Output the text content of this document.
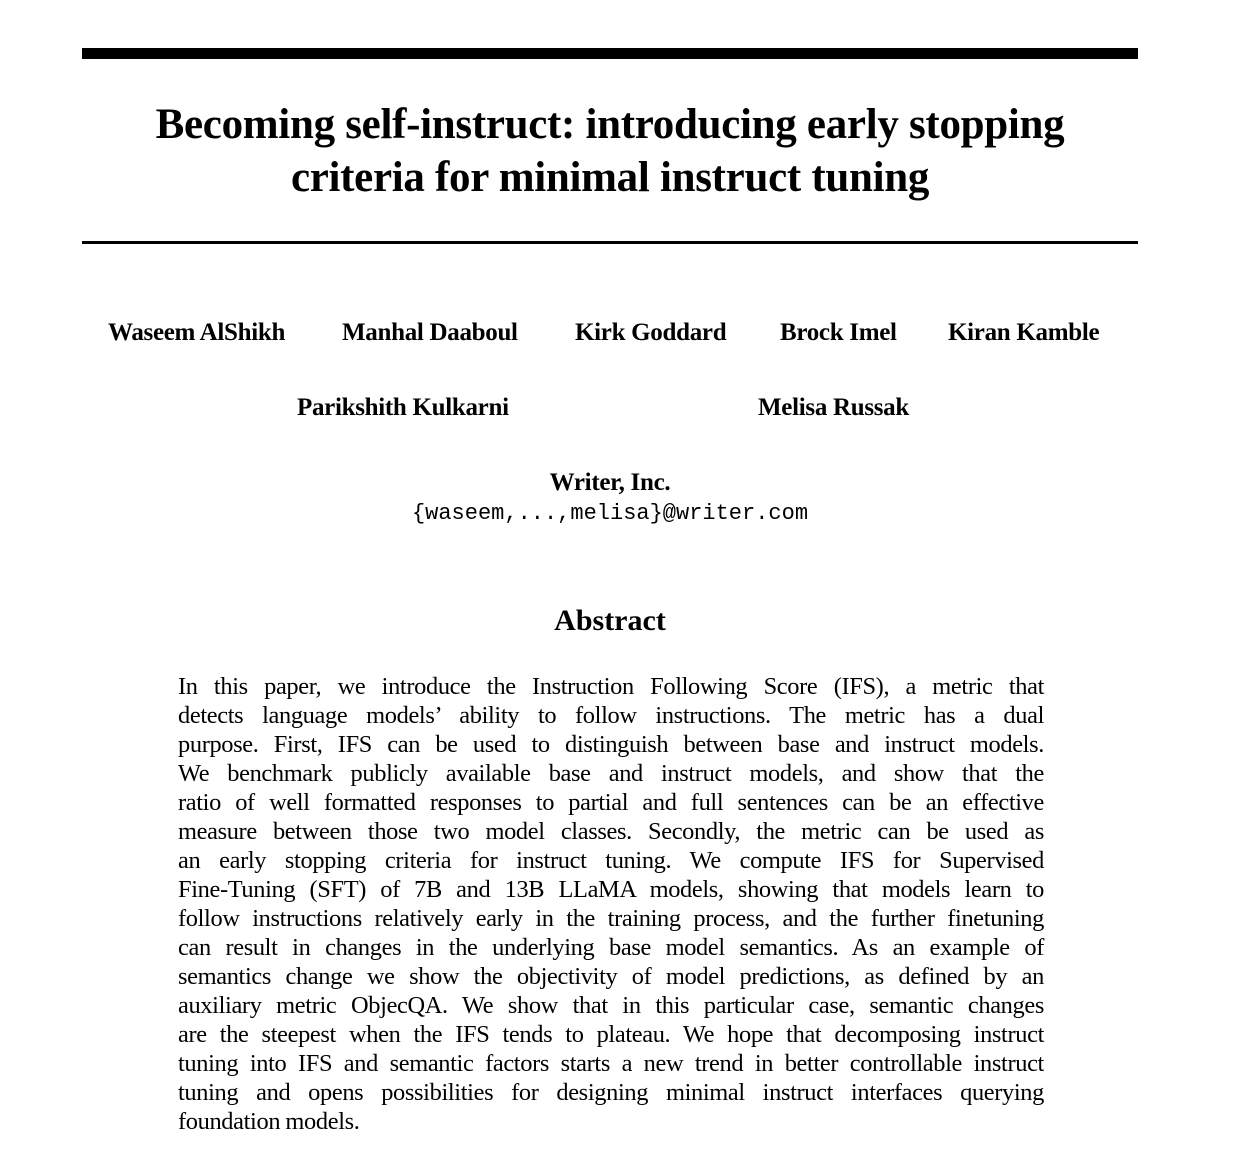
Becoming self-instruct: introducing early stopping
criteria for minimal instruct tuning
Waseem AlShikh Manhal Daaboul Kirk Goddard Brock Imel Kiran Kamble
Parikshith Kulkarni	Melisa Russak
Writer, Inc.
{waseem,...,melisa}@writer.com
Abstract
In this paper, we introduce the Instruction Following Score (IFS), a metric that
detects language models’ ability to follow instructions. The metric has a dual
purpose. First, IFS can be used to distinguish between base and instruct models.
We benchmark publicly available base and instruct models, and show that the
ratio of well formatted responses to partial and full sentences can be an effective
measure between those two model classes. Secondly, the metric can be used as
an early stopping criteria for instruct tuning. We compute IFS for Supervised
Fine-Tuning (SFT) of 7B and 13B LLaMA models, showing that models learn to
follow instructions relatively early in the training process, and the further finetuning
can result in changes in the underlying base model semantics. As an example of
semantics change we show the objectivity of model predictions, as defined by an
auxiliary metric ObjecQA. We show that in this particular case, semantic changes
are the steepest when the IFS tends to plateau. We hope that decomposing instruct
tuning into IFS and semantic factors starts a new trend in better controllable instruct
tuning and opens possibilities for designing minimal instruct interfaces querying
foundation models.
